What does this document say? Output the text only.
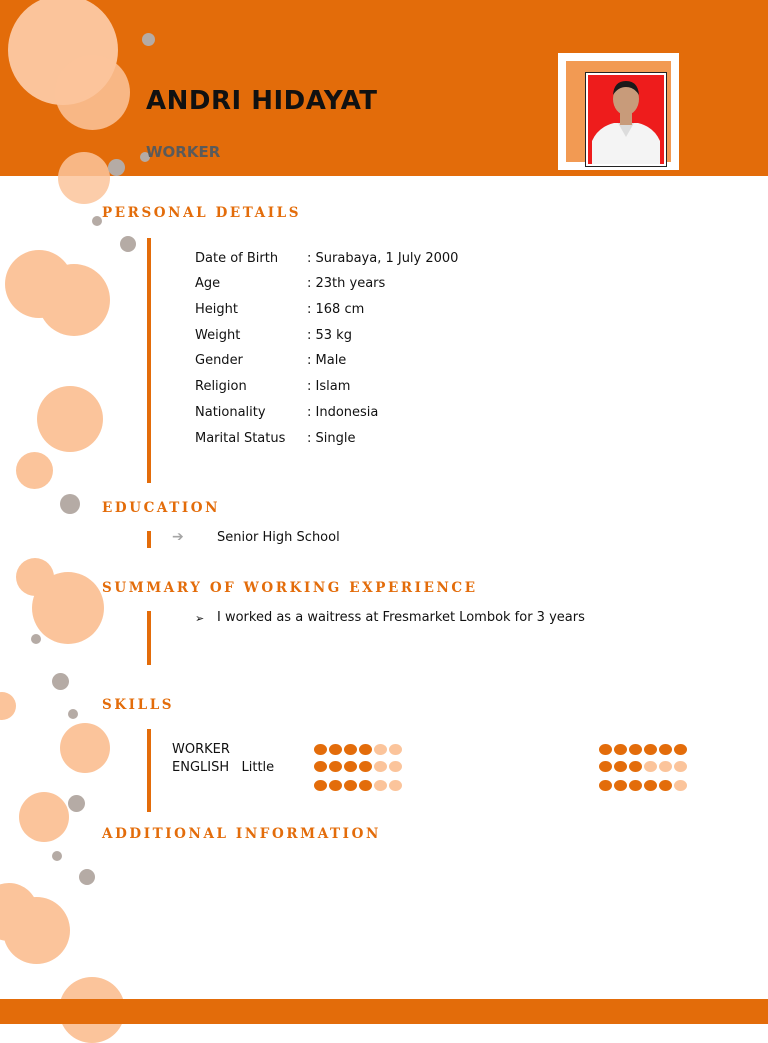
ANDRI HIDAYAT
WORKER
PERSONAL DETAILS
Date of Birth : Surabaya, 1 July 2000
Age	: 23th years
Height	: 168 cm
Weight	: 53 kg
Gender	: Male
Religion	: Islam
Nationality	: Indonesia
Marital Status : Single
EDUCATION
➔	Senior High School
SUMMARY OF WORKING EXPERIENCE
➢ I worked as a waitress at Fresmarket Lombok for 3 years
SKILLS
WORKER
ENGLISH   Little
ADDITIONAL INFORMATION
